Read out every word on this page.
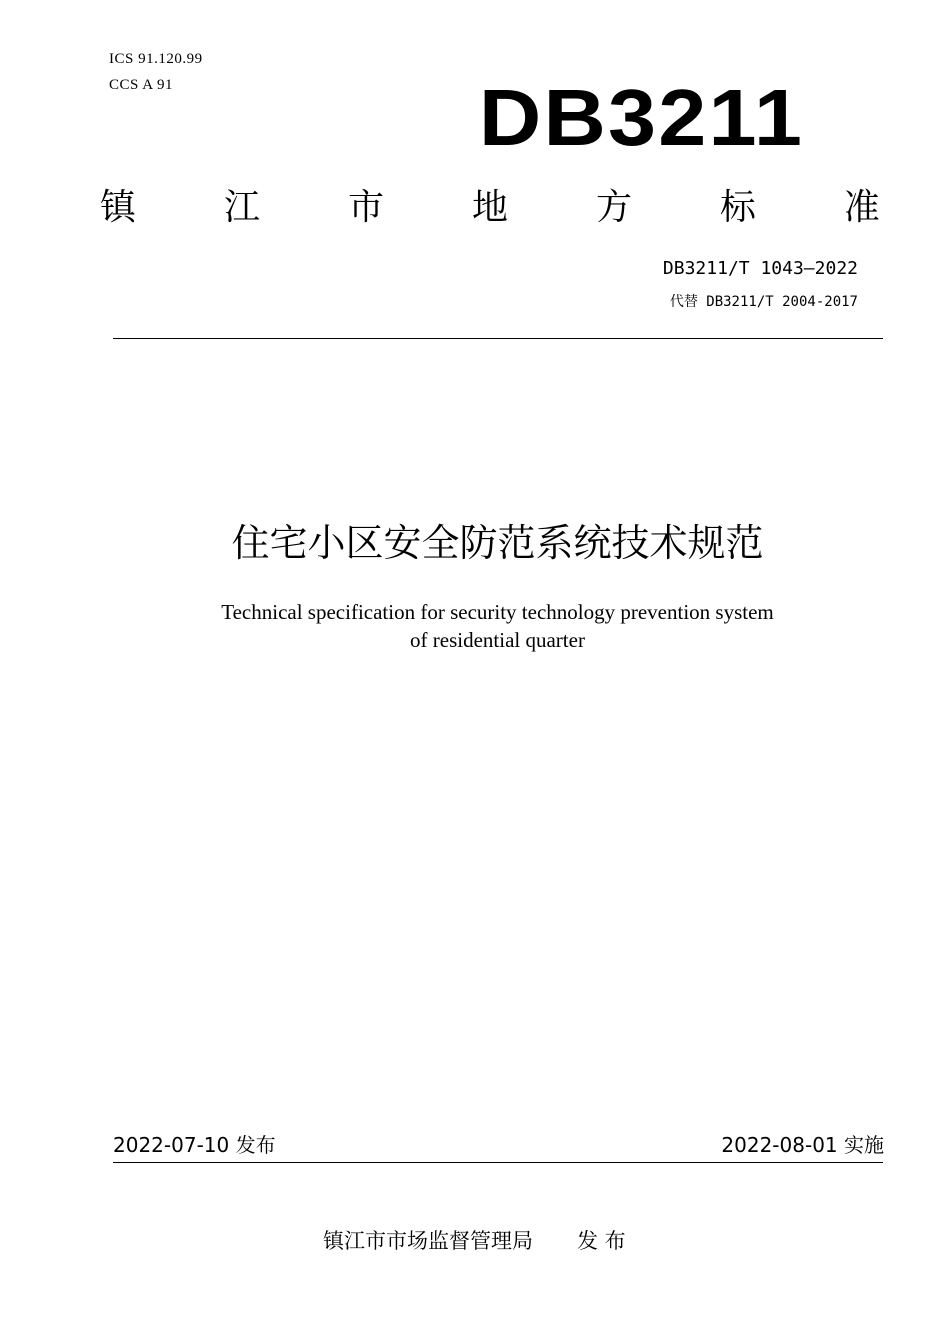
ICS 91.120.99
CCS A 91	DB3211
镇 江 市 地 方 标 准
DB3211/T 1043—2022
代替 DB3211/T 2004-2017
住宅小区安全防范系统技术规范
Technical specification for security technology prevention system
of residential quarter
2022-07-10 发布	2022-08-01 实施
镇江市市场监督管理局 发 布
